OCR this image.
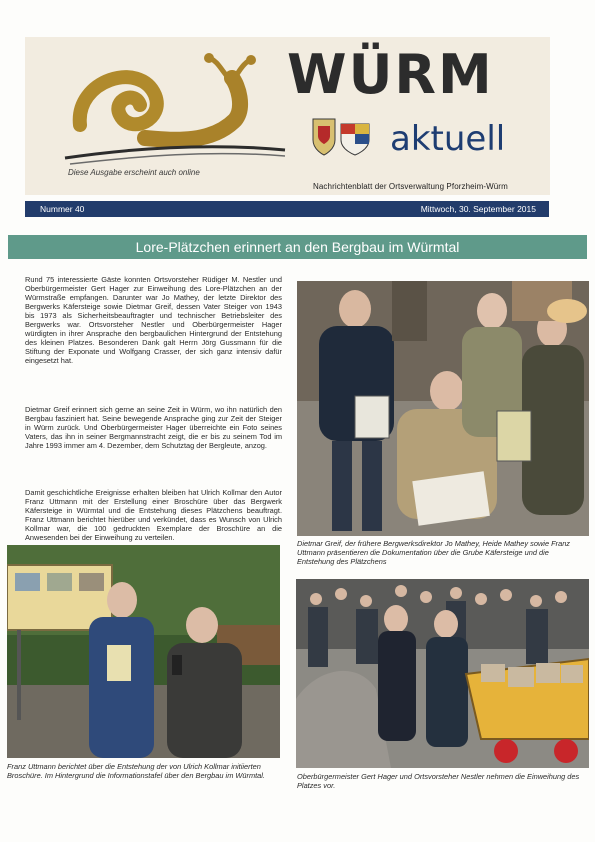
Diese Ausgabe erscheint auch online
WÜRM
aktuell
Nachrichtenblatt der Ortsverwaltung Pforzheim-Würm
Nummer 40	Mittwoch, 30. September 2015
Lore-Plätzchen erinnert an den Bergbau im Würmtal

Rund 75 interessierte Gäste konnten Ortsvorsteher Rüdiger M. Nestler und Oberbürgermeister Gert Hager zur Einweihung des Lore-Plätzchen an der Würmstraße empfangen. Darunter war Jo Mathey, der letzte Direktor des Bergwerks Käfersteige sowie Dietmar Greif, dessen Vater Steiger von 1943 bis 1973 als Sicherheitsbeauftragter und technischer Betriebsleiter des Bergwerks war. Ortsvorsteher Nestler und Oberbürgermeister Hager würdigten in ihrer Ansprache den bergbaulichen Hintergrund der Entstehung des kleinen Platzes. Besonderen Dank galt Herrn Jörg Gussmann für die Stiftung der Exponate und Wolfgang Crasser, der sich ganz intensiv dafür eingesetzt hat.

Dietmar Greif erinnert sich gerne an seine Zeit in Würm, wo ihn natürlich den Bergbau fasziniert hat. Seine bewegende Ansprache ging zur Zeit der Steiger in Würm zurück. Und Oberbürgermeister Hager überreichte ein Foto seines Vaters, das ihn in seiner Bergmannstracht zeigt, die er bis zu seinem Tod im Jahre 1993 immer am 4. Dezember, dem Schutztag der Bergleute, anzog.

Damit geschichtliche Ereignisse erhalten bleiben hat Ulrich Kollmar den Autor Franz Uttmann mit der Erstellung einer Broschüre über das Bergwerk Käfersteige in Würmtal und die Entstehung dieses Plätzchens beauftragt. Franz Uttmann berichtet hierüber und verkündet, dass es Wunsch von Ulrich Kollmar war, die 100 gedruckten Exemplare der Broschüre an die Anwesenden bei der Einweihung zu verteilen.

Dietmar Greif, der frühere Bergwerksdirektor Jo Mathey, Heide Mathey sowie Franz Uttmann präsentieren die Dokumentation über die Grube Käfersteige und die Entstehung des Plätzchens

Franz Uttmann berichtet über die Entstehung der von Ulrich Kollmar initiierten Broschüre. Im Hintergrund die Informationstafel über den Bergbau im Würmtal.	Oberbürgermeister Gert Hager und Ortsvorsteher Nestler nehmen die Einweihung des Platzes vor.
